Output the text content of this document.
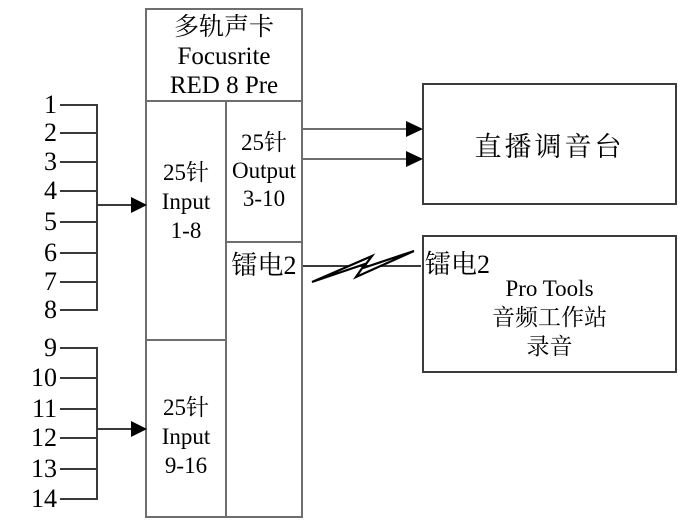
多轨声卡
Focusrite
RED 8 Pre
25针
Input
1-8
25针
Output
3-10
镭电2
25针
Input
9-16
直播调音台
镭电2
Pro Tools
音频工作站
录音
1
2
3
4
5
6
7
8
9
10
11
12
13
14
